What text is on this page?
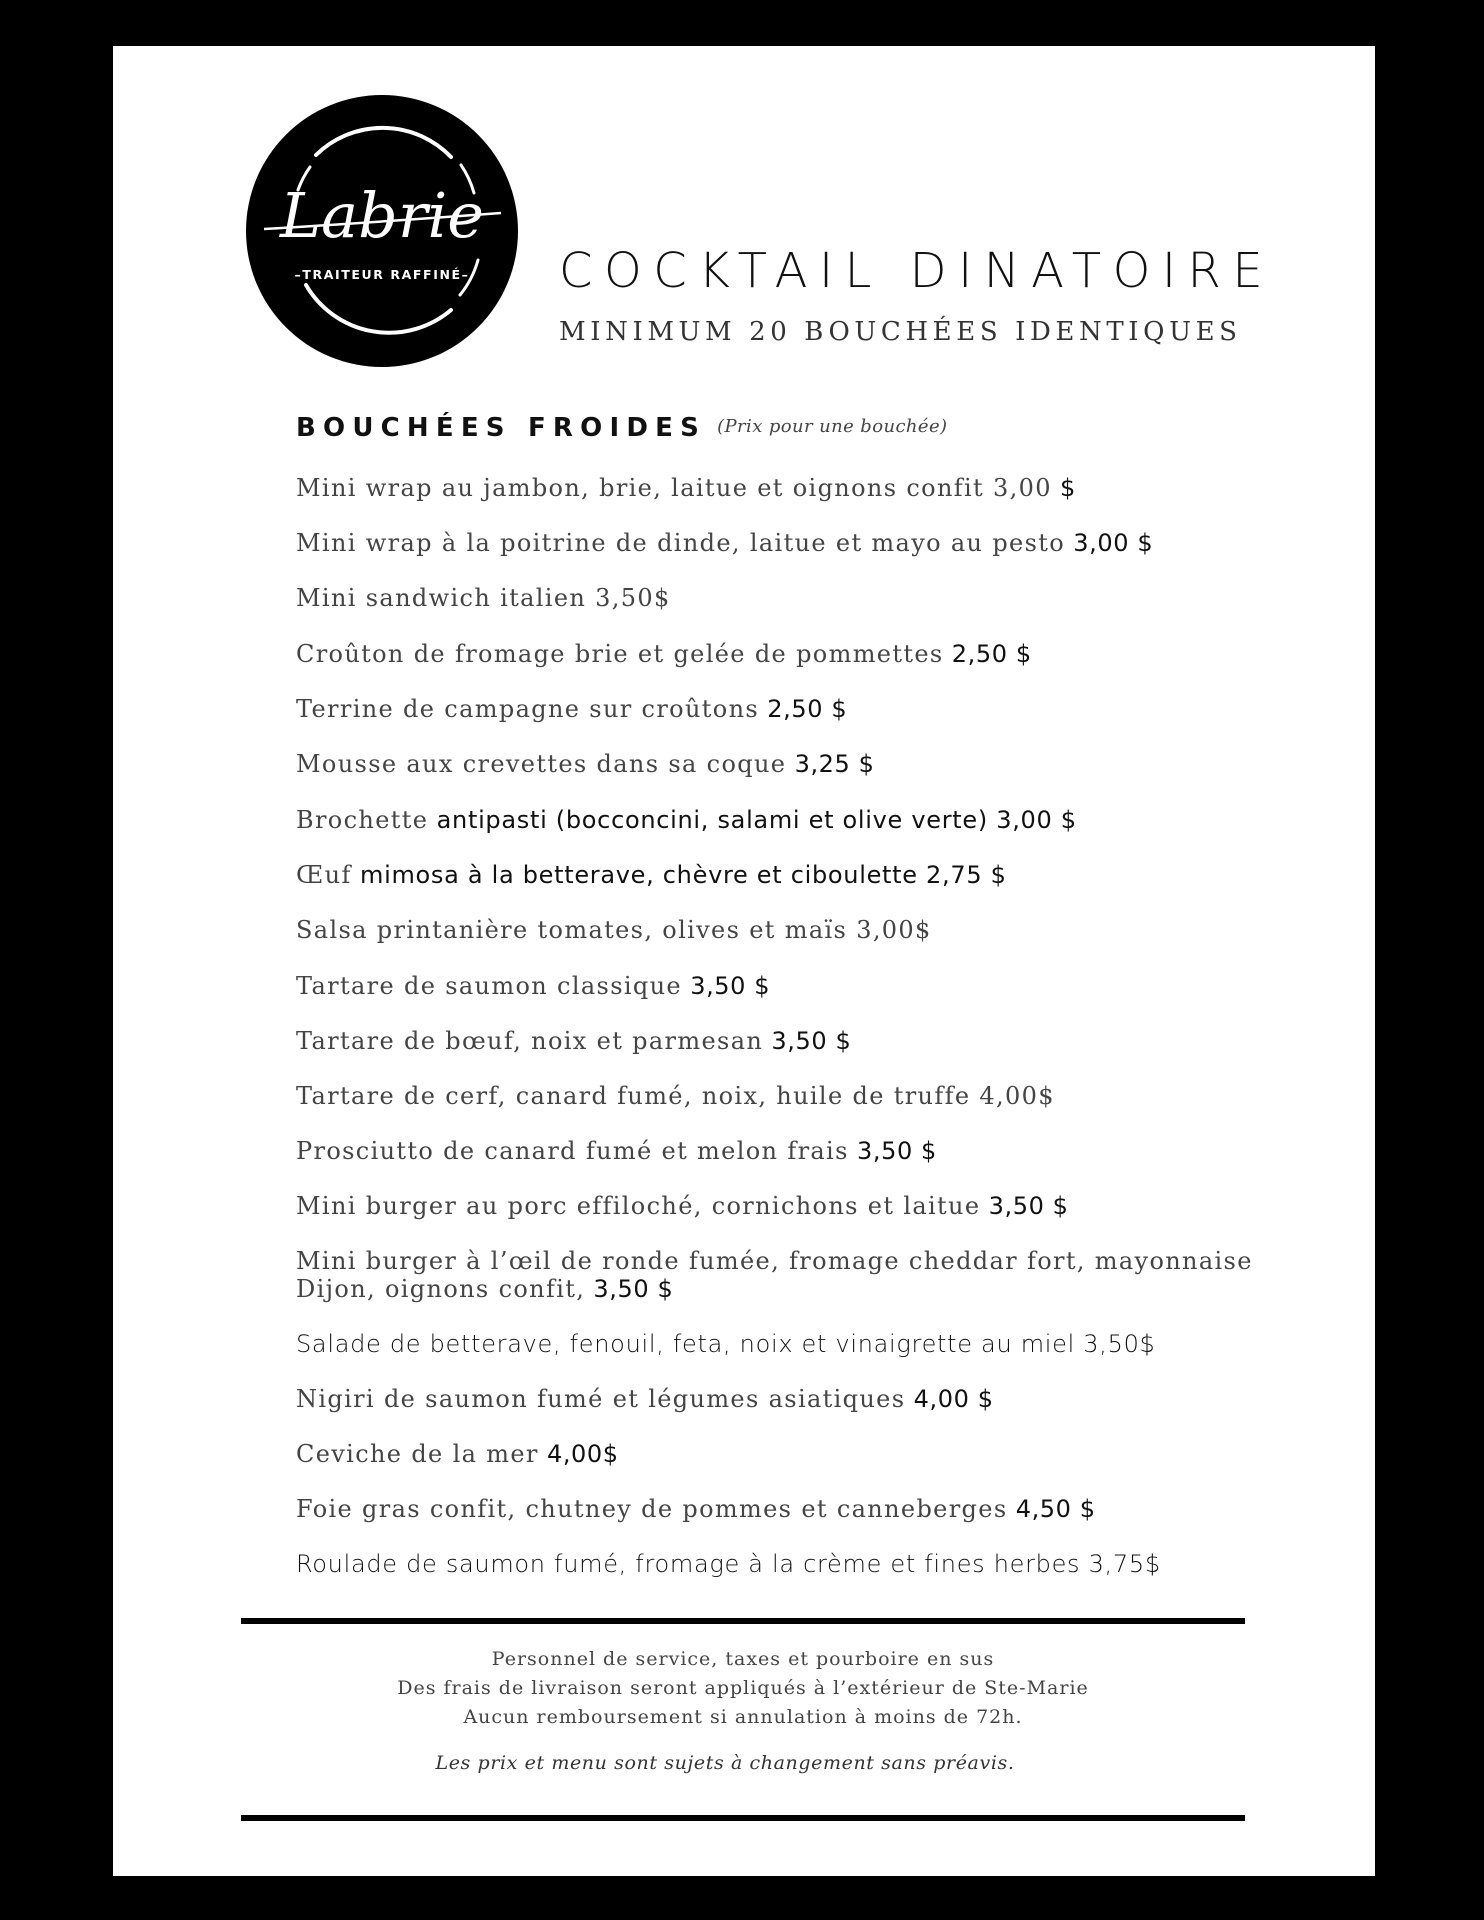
Labrie
–TRAITEUR RAFFINÉ– COCKTAIL DINATOIRE

MINIMUM 20 BOUCHÉES IDENTIQUES

BOUCHÉES FROIDES (Prix pour une bouchée)
Mini wrap au jambon, brie, laitue et oignons confit 3,00 $
Mini wrap à la poitrine de dinde, laitue et mayo au pesto 3,00 $
Mini sandwich italien 3,50$
Croûton de fromage brie et gelée de pommettes 2,50 $
Terrine de campagne sur croûtons 2,50 $
Mousse aux crevettes dans sa coque 3,25 $
Brochette antipasti (bocconcini, salami et olive verte) 3,00 $
Œuf mimosa à la betterave, chèvre et ciboulette 2,75 $
Salsa printanière tomates, olives et maïs 3,00$
Tartare de saumon classique 3,50 $
Tartare de bœuf, noix et parmesan 3,50 $
Tartare de cerf, canard fumé, noix, huile de truffe 4,00$
Prosciutto de canard fumé et melon frais 3,50 $
Mini burger au porc effiloché, cornichons et laitue 3,50 $
Mini burger à l’œil de ronde fumée, fromage cheddar fort, mayonnaise Dijon, oignons confit, 3,50 $
Salade de betterave, fenouil, feta, noix et vinaigrette au miel 3,50$
Nigiri de saumon fumé et légumes asiatiques 4,00 $
Ceviche de la mer 4,00$
Foie gras confit, chutney de pommes et canneberges 4,50 $
Roulade de saumon fumé, fromage à la crème et fines herbes 3,75$
Personnel de service, taxes et pourboire en sus
Des frais de livraison seront appliqués à l’extérieur de Ste-Marie
Aucun remboursement si annulation à moins de 72h.
Les prix et menu sont sujets à changement sans préavis.
